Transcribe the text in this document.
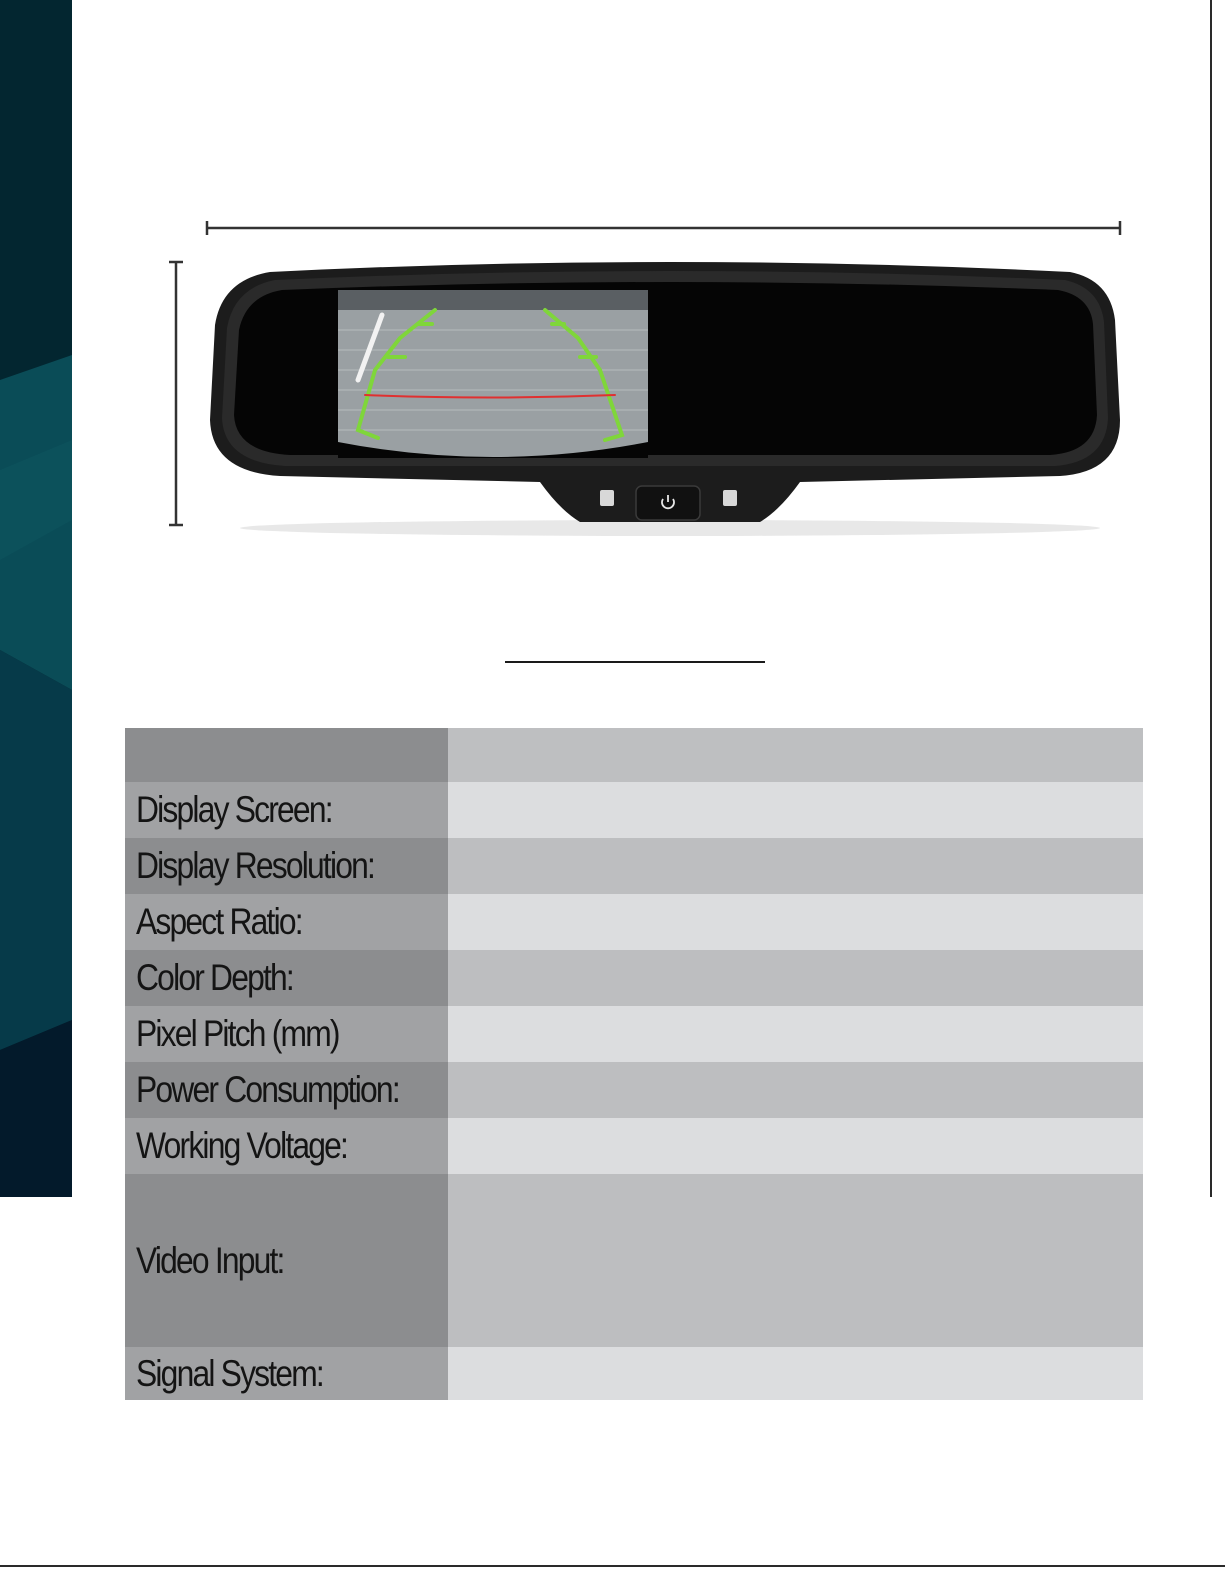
Display Screen:	
Display Resolution:	
Aspect Ratio:	
Color Depth:	
Pixel Pitch (mm)	
Power Consumption:	
Working Voltage:	
Video Input:	
Signal System:	
